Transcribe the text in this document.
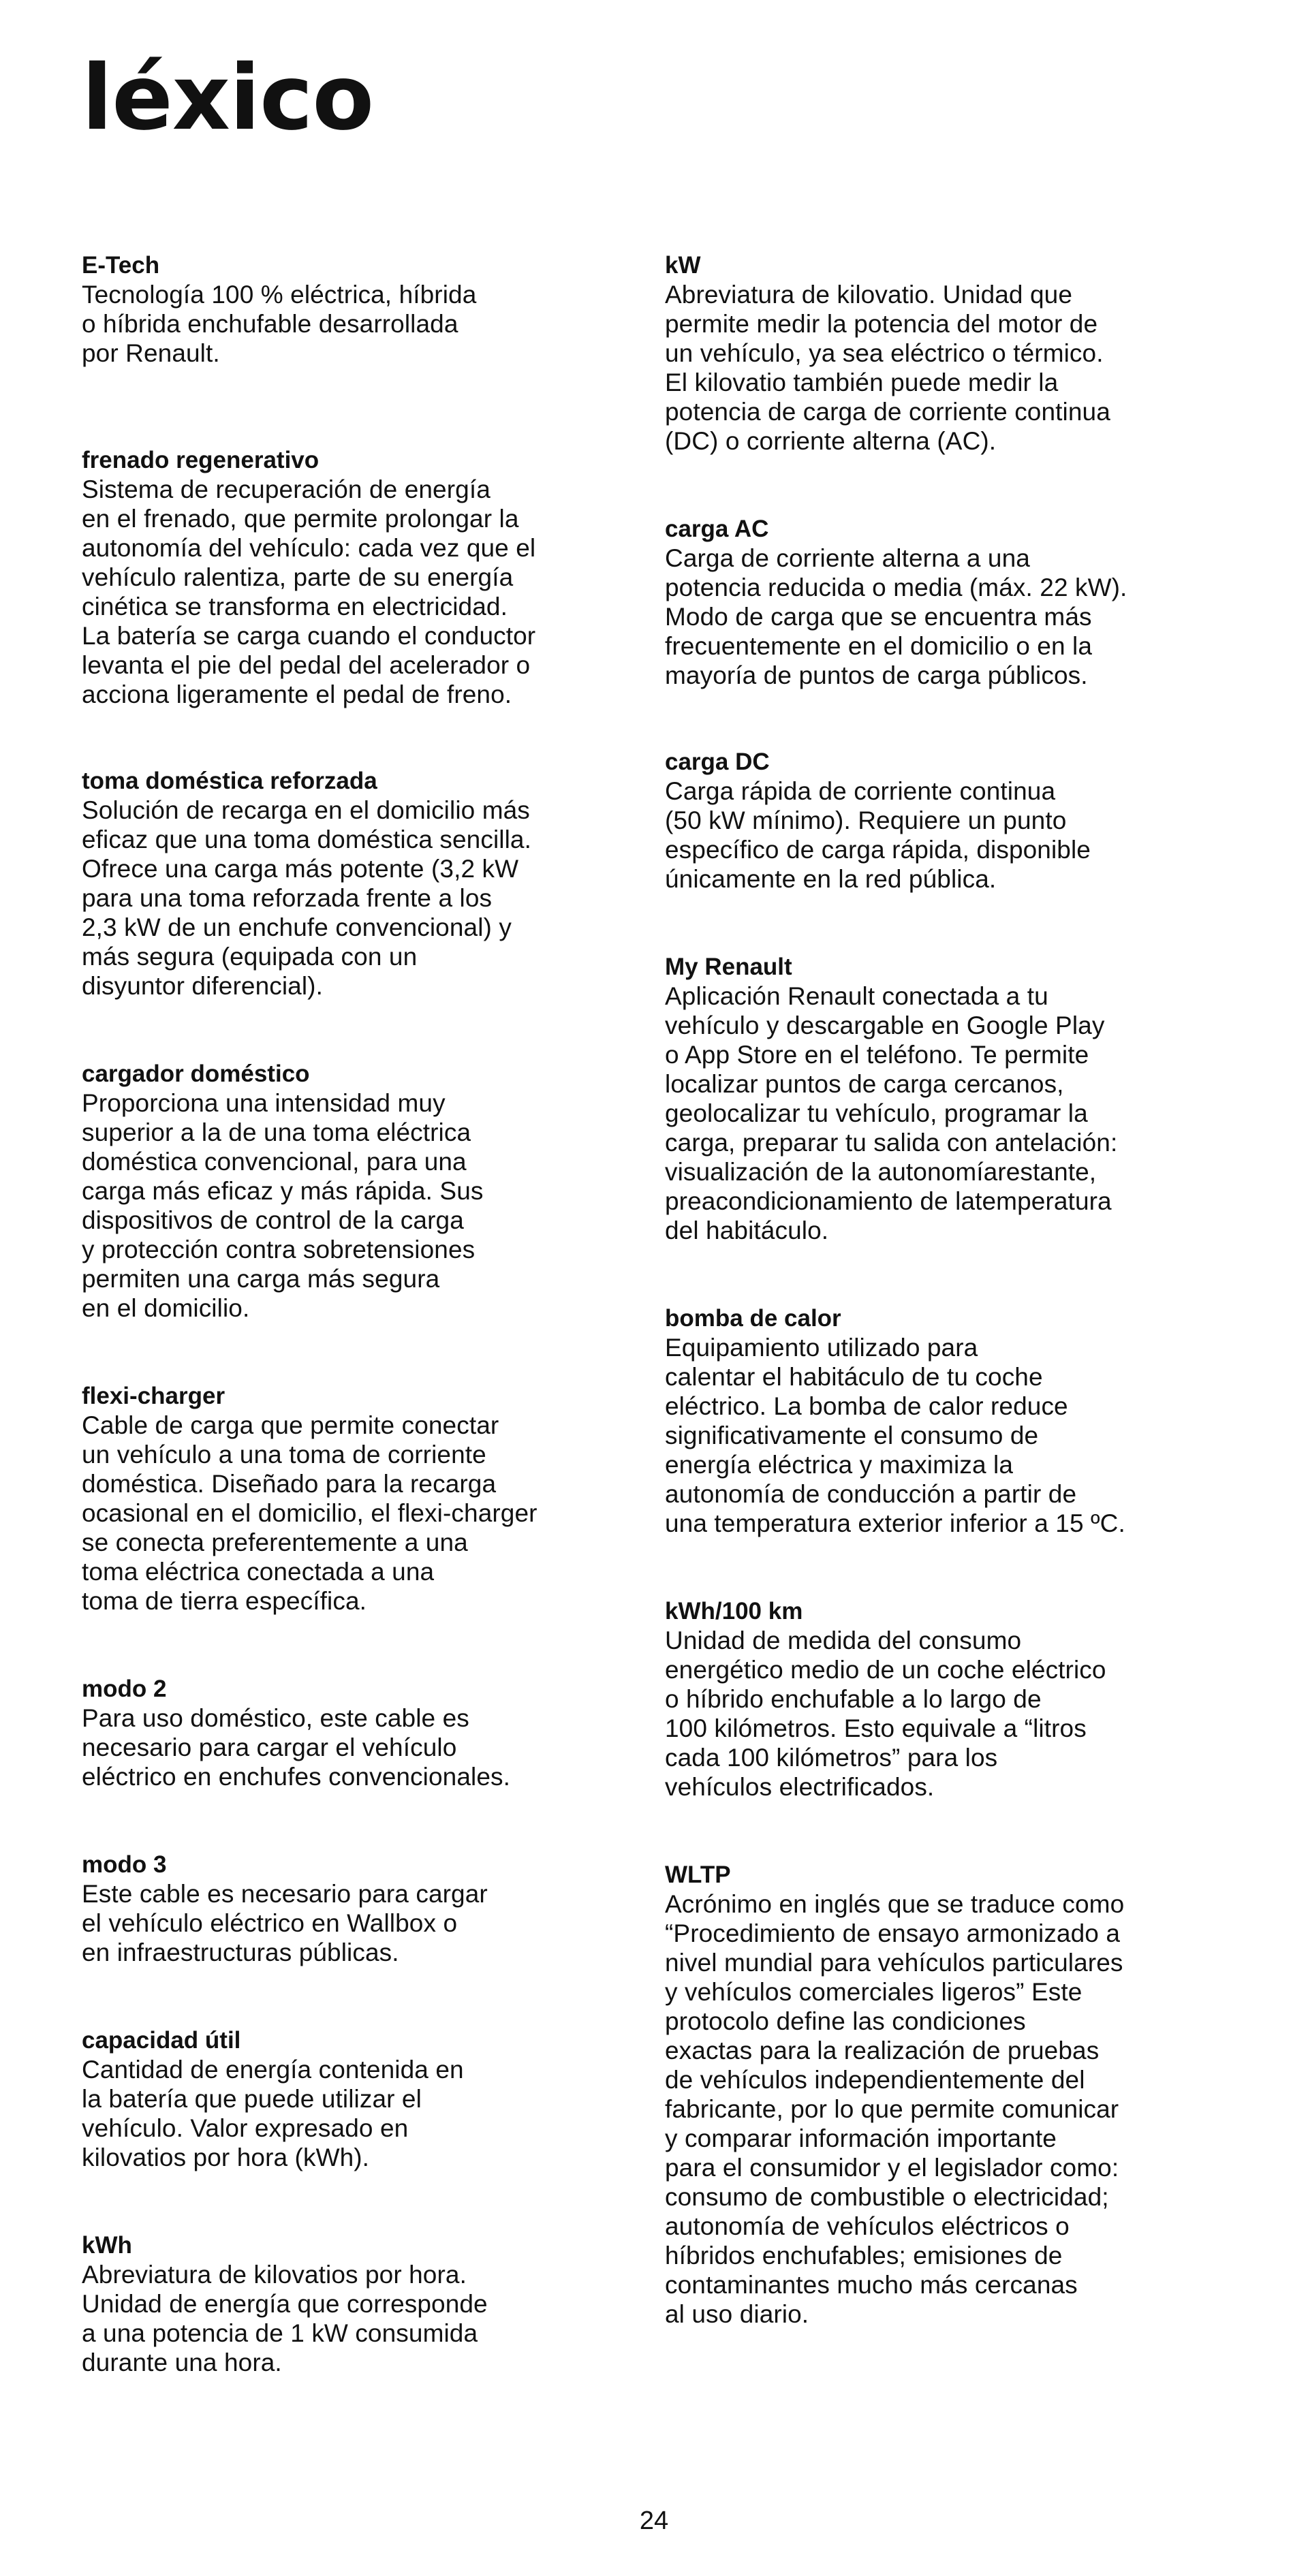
léxico

E-Tech

Tecnología 100 % eléctrica, híbrida
o híbrida enchufable desarrollada
por Renault.

frenado regenerativo

Sistema de recuperación de energía
en el frenado, que permite prolongar la
autonomía del vehículo: cada vez que el
vehículo ralentiza, parte de su energía
cinética se transforma en electricidad.
La batería se carga cuando el conductor
levanta el pie del pedal del acelerador o
acciona ligeramente el pedal de freno.

toma doméstica reforzada

Solución de recarga en el domicilio más
eficaz que una toma doméstica sencilla.
Ofrece una carga más potente (3,2 kW
para una toma reforzada frente a los
2,3 kW de un enchufe convencional) y
más segura (equipada con un
disyuntor diferencial).

cargador doméstico

Proporciona una intensidad muy
superior a la de una toma eléctrica
doméstica convencional, para una
carga más eficaz y más rápida. Sus
dispositivos de control de la carga
y protección contra sobretensiones
permiten una carga más segura
en el domicilio.

flexi-charger

Cable de carga que permite conectar
un vehículo a una toma de corriente
doméstica. Diseñado para la recarga
ocasional en el domicilio, el flexi-charger
se conecta preferentemente a una
toma eléctrica conectada a una
toma de tierra específica.

modo 2

Para uso doméstico, este cable es
necesario para cargar el vehículo
eléctrico en enchufes convencionales.

modo 3

Este cable es necesario para cargar
el vehículo eléctrico en Wallbox o
en infraestructuras públicas.

capacidad útil

Cantidad de energía contenida en
la batería que puede utilizar el
vehículo. Valor expresado en
kilovatios por hora (kWh).

kWh

Abreviatura de kilovatios por hora.
Unidad de energía que corresponde
a una potencia de 1 kW consumida
durante una hora.

kW

Abreviatura de kilovatio. Unidad que
permite medir la potencia del motor de
un vehículo, ya sea eléctrico o térmico.
El kilovatio también puede medir la
potencia de carga de corriente continua
(DC) o corriente alterna (AC).

carga AC

Carga de corriente alterna a una
potencia reducida o media (máx. 22 kW).
Modo de carga que se encuentra más
frecuentemente en el domicilio o en la
mayoría de puntos de carga públicos.

carga DC

Carga rápida de corriente continua
(50 kW mínimo). Requiere un punto
específico de carga rápida, disponible
únicamente en la red pública.

My Renault

Aplicación Renault conectada a tu
vehículo y descargable en Google Play
o App Store en el teléfono. Te permite
localizar puntos de carga cercanos,
geolocalizar tu vehículo, programar la
carga, preparar tu salida con antelación:
visualización de la autonomíarestante,
preacondicionamiento de latemperatura
del habitáculo.

bomba de calor

Equipamiento utilizado para
calentar el habitáculo de tu coche
eléctrico. La bomba de calor reduce
significativamente el consumo de
energía eléctrica y maximiza la
autonomía de conducción a partir de
una temperatura exterior inferior a 15 ºC.

kWh/100 km

Unidad de medida del consumo
energético medio de un coche eléctrico
o híbrido enchufable a lo largo de
100 kilómetros. Esto equivale a “litros
cada 100 kilómetros” para los
vehículos electrificados.

WLTP

Acrónimo en inglés que se traduce como
“Procedimiento de ensayo armonizado a
nivel mundial para vehículos particulares
y vehículos comerciales ligeros” Este
protocolo define las condiciones
exactas para la realización de pruebas
de vehículos independientemente del
fabricante, por lo que permite comunicar
y comparar información importante
para el consumidor y el legislador como:
consumo de combustible o electricidad;
autonomía de vehículos eléctricos o
híbridos enchufables; emisiones de
contaminantes mucho más cercanas
al uso diario.

24
